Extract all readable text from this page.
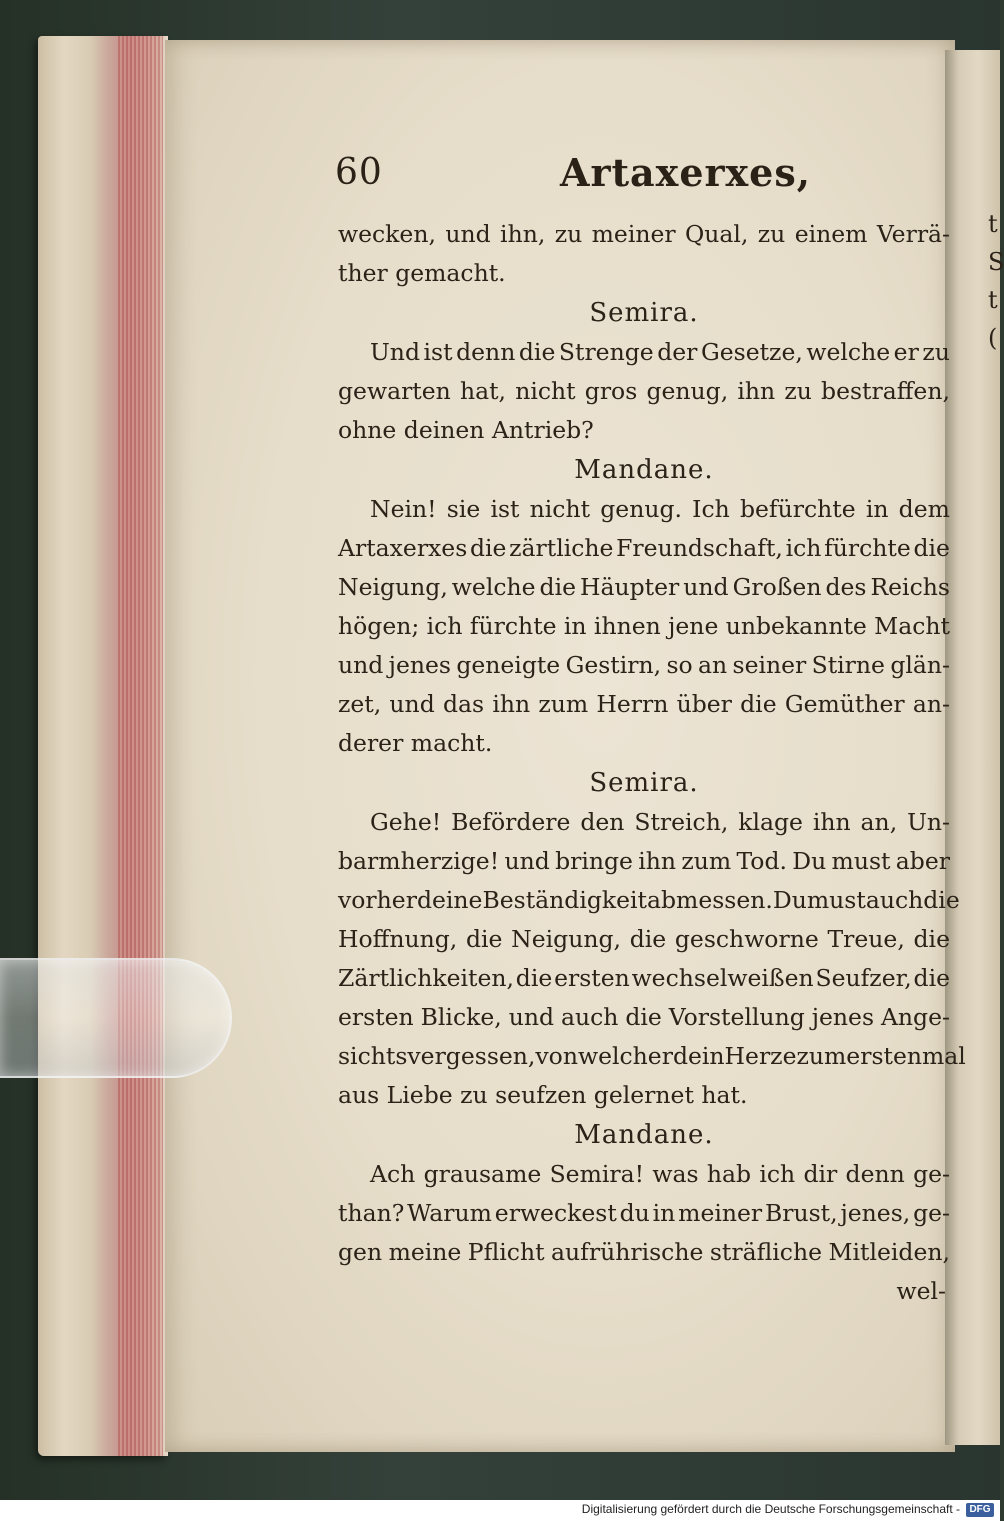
t
S
t
(
60	Artaxerxes,
wecken, und ihn, zu meiner Qual, zu einem Verrä-
ther gemacht.
Semira.
Und ist denn die Strenge der Gesetze, welche er zu
gewarten hat, nicht gros genug, ihn zu bestraffen,
ohne deinen Antrieb?
Mandane.
Nein! sie ist nicht genug. Ich befürchte in dem
Artaxerxes die zärtliche Freundschaft, ich fürchte die
Neigung, welche die Häupter und Großen des Reichs
högen; ich fürchte in ihnen jene unbekannte Macht
und jenes geneigte Gestirn, so an seiner Stirne glän-
zet, und das ihn zum Herrn über die Gemüther an-
derer macht.
Semira.
Gehe! Befördere den Streich, klage ihn an, Un-
barmherzige! und bringe ihn zum Tod. Du must aber
vorher deine Beständigkeit abmessen. Du must auch die
Hoffnung, die Neigung, die geschworne Treue, die
Zärtlichkeiten, die ersten wechselweißen Seufzer, die
ersten Blicke, und auch die Vorstellung jenes Ange-
sichts vergessen, von welcher dein Herze zum erstenmal
aus Liebe zu seufzen gelernet hat.
Mandane.
Ach grausame Semira! was hab ich dir denn ge-
than? Warum erweckest du in meiner Brust, jenes, ge-
gen meine Pflicht aufrührische sträfliche Mitleiden,
wel-
Digitalisierung gefördert durch die Deutsche Forschungsgemeinschaft - DFG
